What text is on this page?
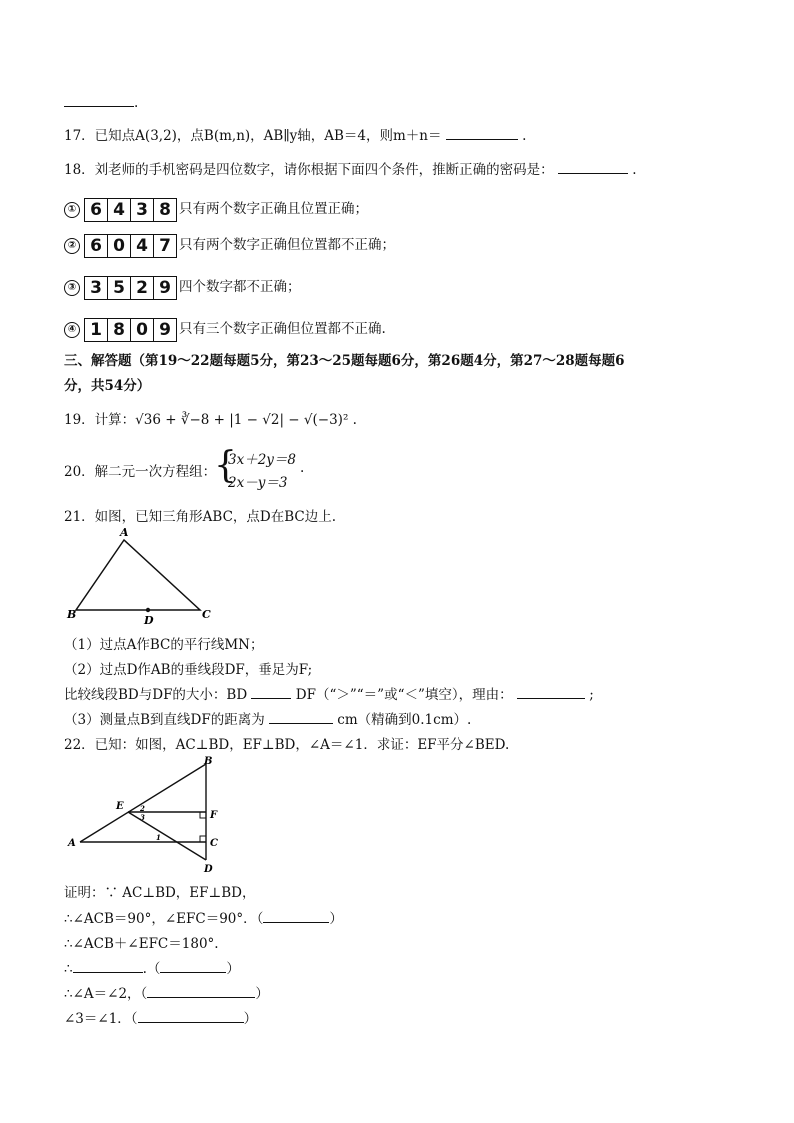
.
17．已知点A(3,2)，点B(m,n)，AB∥y轴，AB＝4，则m＋n＝	.
18．刘老师的手机密码是四位数字，请你根据下面四个条件，推断正确的密码是：	.
① 6 4 3 8 只有两个数字正确且位置正确；
② 6 0 4 7 只有两个数字正确但位置都不正确；
③ 3 5 2 9 四个数字都不正确；
④ 1 8 0 9 只有三个数字正确但位置都不正确.
三、解答题（第19～22题每题5分，第23～25题每题6分，第26题4分，第27～28题每题6
分，共54分）
19．计算：√36 + ∛−8 + |1 − √2| − √(−3)² .
20．解二元一次方程组：
{
3x＋2y＝8
2x－y＝3
.
21．如图，已知三角形ABC，点D在BC边上.
A
B	C
D
（1）过点A作BC的平行线MN；
（2）过点D作AB的垂线段DF，垂足为F;
比较线段BD与DF的大小：BD	DF（“＞”“＝”或“＜”填空），理由：	;
（3）测量点B到直线DF的距离为	cm（精确到0.1cm）.
22．已知：如图，AC⊥BD，EF⊥BD，∠A＝∠1．求证：EF平分∠BED.
B
E
F
A	C
D
2
3
1
证明：∵ AC⊥BD，EF⊥BD，
∴∠ACB＝90°，∠EFC＝90°．（	）
∴∠ACB＋∠EFC＝180°.
∴	.（	）
∴∠A＝∠2，（	）
∠3＝∠1．（	）
